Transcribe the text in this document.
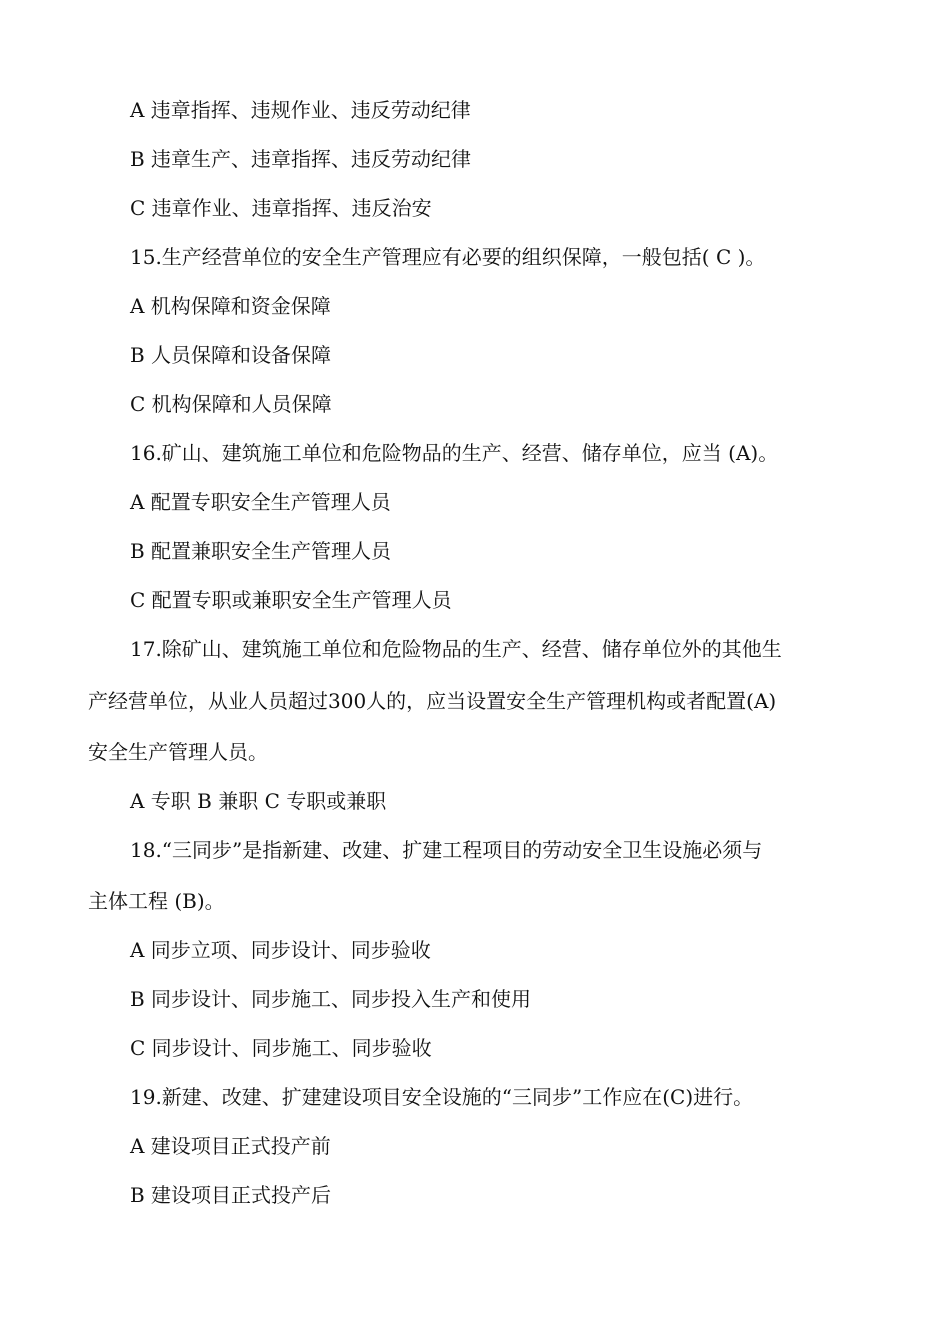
A 违章指挥、违规作业、违反劳动纪律
B 违章生产、违章指挥、违反劳动纪律
C 违章作业、违章指挥、违反治安
15.生产经营单位的安全生产管理应有必要的组织保障，一般包括( C )。
A 机构保障和资金保障
B 人员保障和设备保障
C 机构保障和人员保障
16.矿山、建筑施工单位和危险物品的生产、经营、储存单位，应当 (A)。
A 配置专职安全生产管理人员
B 配置兼职安全生产管理人员
C 配置专职或兼职安全生产管理人员
17.除矿山、建筑施工单位和危险物品的生产、经营、储存单位外的其他生
产经营单位，从业人员超过300人的，应当设置安全生产管理机构或者配置(A)
安全生产管理人员。
A 专职 B 兼职 C 专职或兼职
18.“三同步”是指新建、改建、扩建工程项目的劳动安全卫生设施必须与
主体工程 (B)。
A 同步立项、同步设计、同步验收
B 同步设计、同步施工、同步投入生产和使用
C 同步设计、同步施工、同步验收
19.新建、改建、扩建建设项目安全设施的“三同步”工作应在(C)进行。
A 建设项目正式投产前
B 建设项目正式投产后
